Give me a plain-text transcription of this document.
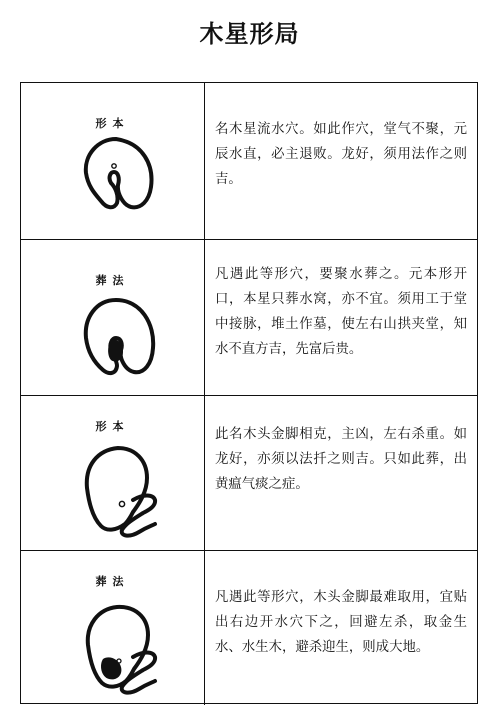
木星形局
形本	名木星流水穴。如此作穴，堂气不聚，元辰水直，必主退败。龙好，须用法作之则吉。
葬法	凡遇此等形穴，要聚水葬之。元本形开口，本星只葬水窝，亦不宜。须用工于堂中接脉，堆土作墓，使左右山拱夹堂，知水不直方吉，先富后贵。
形本
此名木头金脚相克，主凶，左右杀重。如龙好，亦须以法扦之则吉。只如此葬，出黄瘟气痰之症。
葬法
凡遇此等形穴，木头金脚最难取用，宜贴出右边开水穴下之，回避左杀，取金生水、水生木，避杀迎生，则成大地。
